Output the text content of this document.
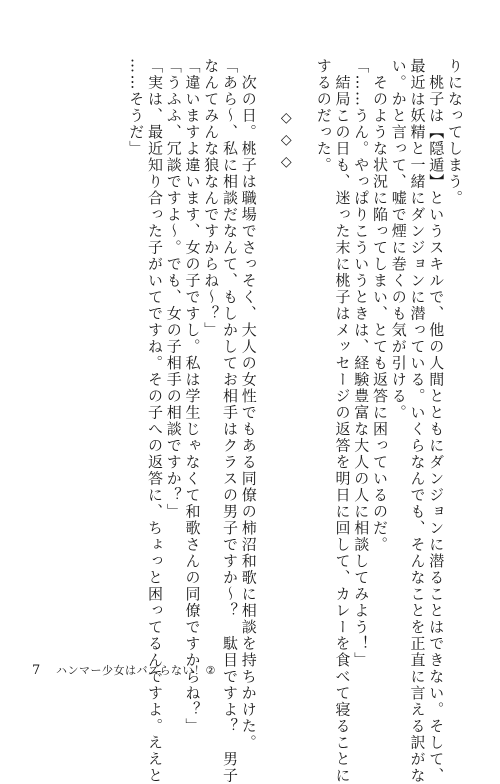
りになってしまう。
　桃子は【隠遁】というスキルで、他の人間とともにダンジョンに潜ることはできない。そして、
最近は妖精と一緒にダンジョンに潜っている。いくらなんでも、そんなことを正直に言える訳がな
い。かと言って、嘘で煙に巻くのも気が引ける。
　そのような状況に陥ってしまい、とても返答に困っているのだ。
「……うん。やっぱりこういうときは、経験豊富な大人の人に相談してみよう！」
　結局この日も、迷った末に桃子はメッセージの返答を明日に回して、カレーを食べて寝ることに
するのだった。
◇◇◇
　次の日。桃子は職場でさっそく、大人の女性でもある同僚の柿沼和歌に相談を持ちかけた。
「あら～、私に相談だなんて、もしかしてお相手はクラスの男子ですか～？　駄目ですよ？　男子
なんてみんな狼なんですからね～？」
「違いますよ違います、女の子ですし。私は学生じゃなくて和歌さんの同僚ですからね？」
「うふふ、冗談ですよ～。でも、女の子相手の相談ですか？」
「実は、最近知り合った子がいてですね。その子への返答に、ちょっと困ってるんですよ。ええと
……そうだ」
7	ハンマー少女はバズらない！②
